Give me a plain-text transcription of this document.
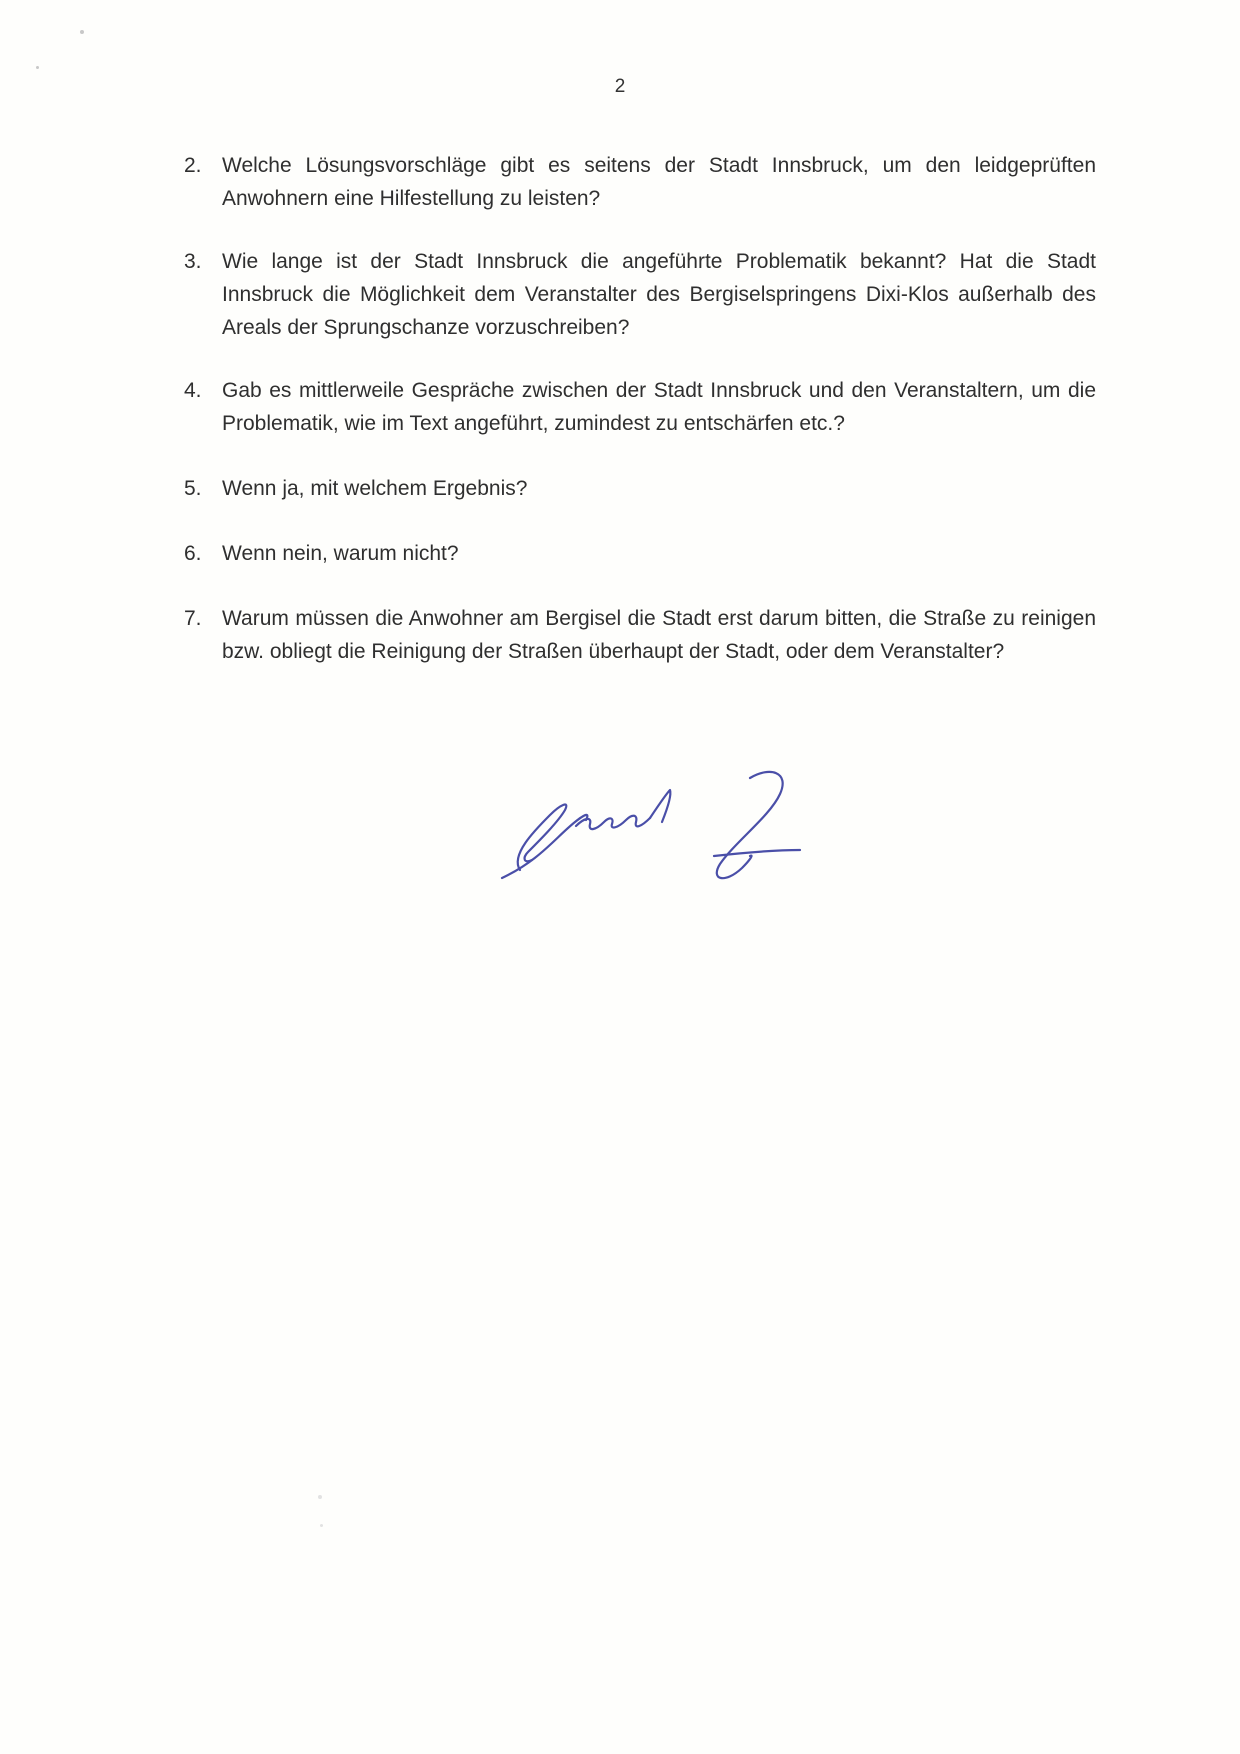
2
2. Welche Lösungsvorschläge gibt es seitens der Stadt Innsbruck, um den leidgeprüften Anwohnern eine Hilfestellung zu leisten?
3. Wie lange ist der Stadt Innsbruck die angeführte Problematik bekannt? Hat die Stadt Innsbruck die Möglichkeit dem Veranstalter des Bergiselspringens Dixi-Klos außerhalb des Areals der Sprungschanze vorzuschreiben?
4. Gab es mittlerweile Gespräche zwischen der Stadt Innsbruck und den Veranstaltern, um die Problematik, wie im Text angeführt, zumindest zu entschärfen etc.?
5. Wenn ja, mit welchem Ergebnis?
6. Wenn nein, warum nicht?
7. Warum müssen die Anwohner am Bergisel die Stadt erst darum bitten, die Straße zu reinigen bzw. obliegt die Reinigung der Straßen überhaupt der Stadt, oder dem Veranstalter?
